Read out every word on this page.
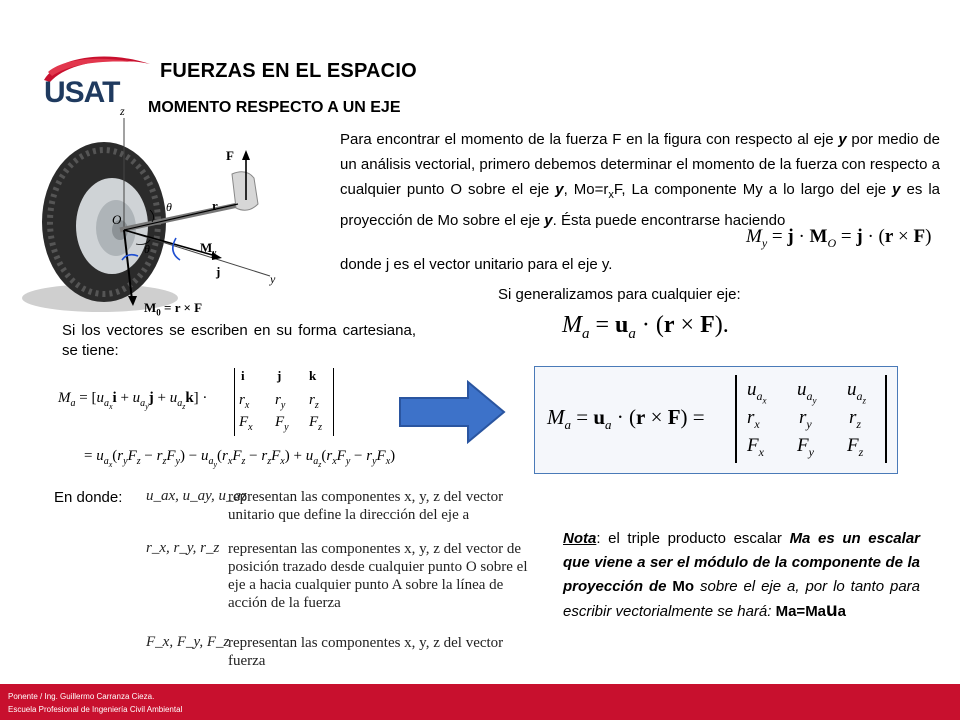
USAT
FUERZAS EN EL ESPACIO
MOMENTO RESPECTO A UN EJE
z
F
r
O
θ
θ	$M_y$
j	y
$M_0 = r \times F$
Para encontrar el momento de la fuerza F en la figura con respecto al eje y por medio de un análisis vectorial, primero debemos determinar el momento de la fuerza con respecto a cualquier punto O sobre el eje y, $Mo=r_xF$, La componente My a lo largo del eje y es la proyección de Mo sobre el eje y. Ésta puede encontrarse haciendo
donde j es el vector unitario para el eje y.
$M_y = j \cdot M_O = j \cdot (r \times F)$
Si generalizamos para cualquier eje:
$M_a = u_a \cdot (r \times F)$.
Si los vectores se escriben en su forma cartesiana, se tiene:
$M_a = [u_{a_x}i + u_{a_y}j + u_{a_z}k]$ ·
i j k
$r_x$ $r_y$ $r_z$
$F_x$ $F_y$ $F_z$
= $u_{a_x}(r_yF_z - r_zF_y) - u_{a_y}(r_xF_z - r_zF_x) + u_{a_z}(r_xF_y - r_yF_x)$
$M_a = u_a \cdot (r \times F)$ =
$u_{a_x}$
$u_{a_y}$
$u_{a_z}$
$r_x$ $r_y$ $r_z$
$F_x$ $F_y$ $F_z$
En donde: u_ax, u_ay, u_az
representan las componentes x, y, z del vector unitario que define la dirección del eje a
r_x, r_y, r_z representan las componentes x, y, z del vector de posición trazado desde cualquier punto O sobre el eje a hacia cualquier punto A sobre la línea de acción de la fuerza
F_x, F_y, F_z
representan las componentes x, y, z del vector fuerza
Nota: el triple producto escalar Ma es un escalar que viene a ser el módulo de la componente de la proyección de Mo sobre el eje a, por lo tanto para escribir vectorialmente se hará: Ma=Maua
Ponente / Ing. Guillermo Carranza Cieza.
Escuela Profesional de Ingeniería Civil Ambiental
